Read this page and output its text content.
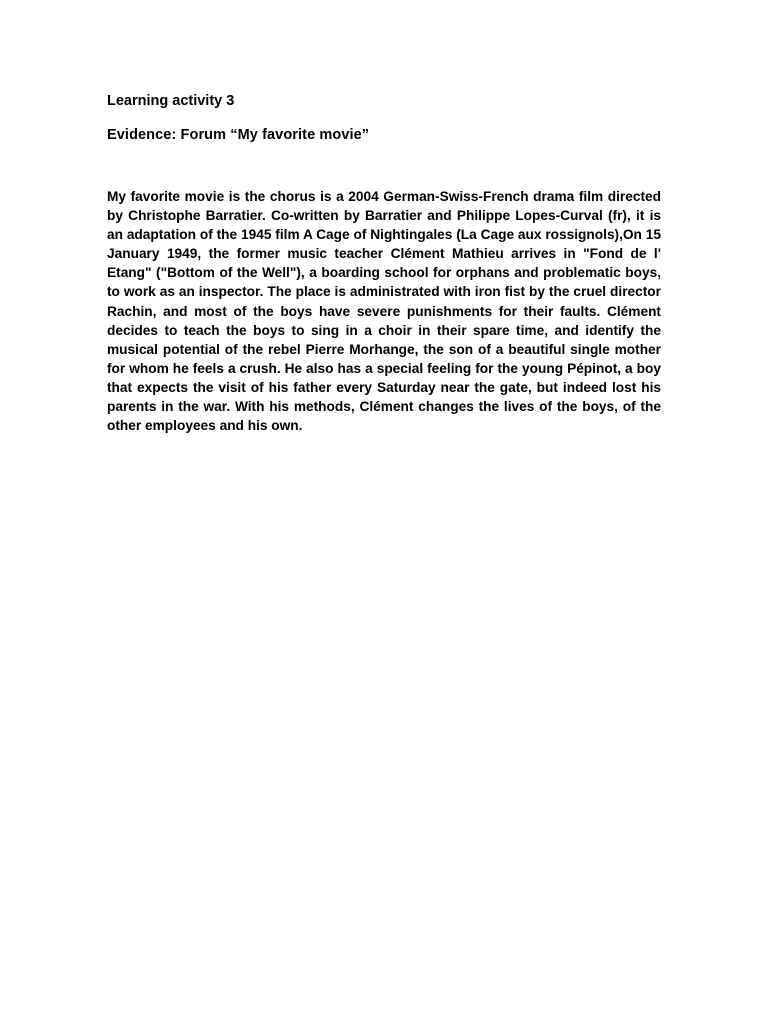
Learning activity 3

Evidence: Forum “My favorite movie”

My favorite movie is the chorus is a 2004 German-Swiss-French drama film directed by Christophe Barratier. Co-written by Barratier and Philippe Lopes-Curval (fr), it is an adaptation of the 1945 film A Cage of Nightingales (La Cage aux rossignols),On 15 January 1949, the former music teacher Clément Mathieu arrives in "Fond de l' Etang" ("Bottom of the Well"), a boarding school for orphans and problematic boys, to work as an inspector. The place is administrated with iron fist by the cruel director Rachin, and most of the boys have severe punishments for their faults. Clément decides to teach the boys to sing in a choir in their spare time, and identify the musical potential of the rebel Pierre Morhange, the son of a beautiful single mother for whom he feels a crush. He also has a special feeling for the young Pépinot, a boy that expects the visit of his father every Saturday near the gate, but indeed lost his parents in the war. With his methods, Clément changes the lives of the boys, of the other employees and his own.
